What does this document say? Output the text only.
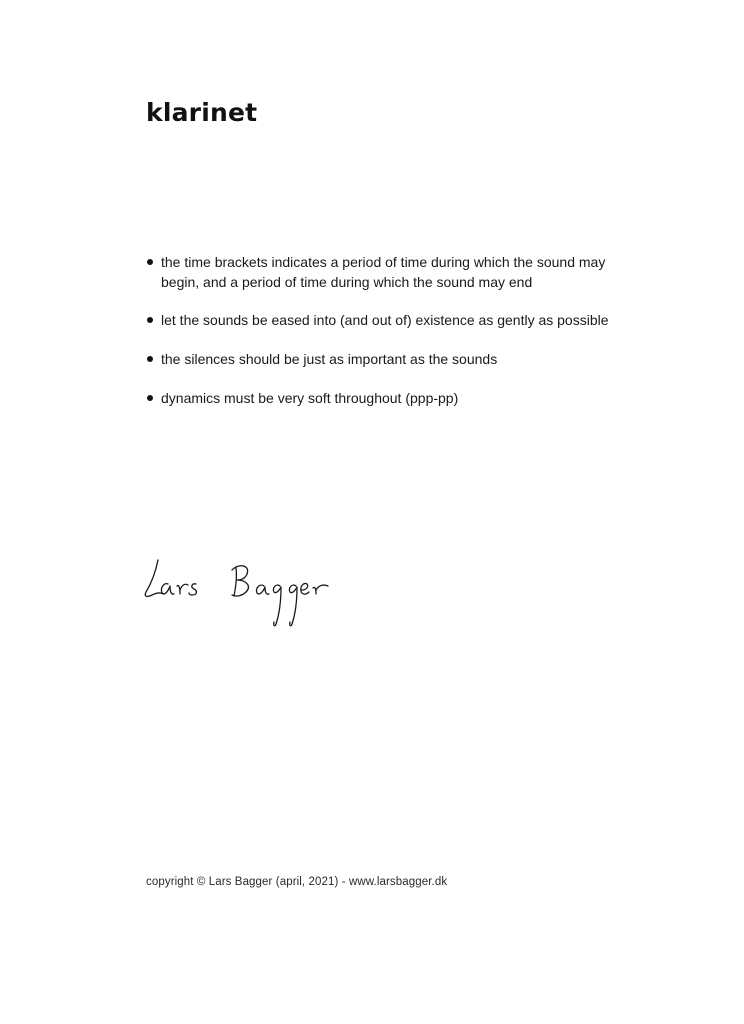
klarinet
the time brackets indicates a period of time during which the sound may begin, and a period of time during which the sound may end
let the sounds be eased into (and out of) existence as gently as possible
the silences should be just as important as the sounds
dynamics must be very soft throughout (ppp-pp)

copyright © Lars Bagger (april, 2021) - www.larsbagger.dk
